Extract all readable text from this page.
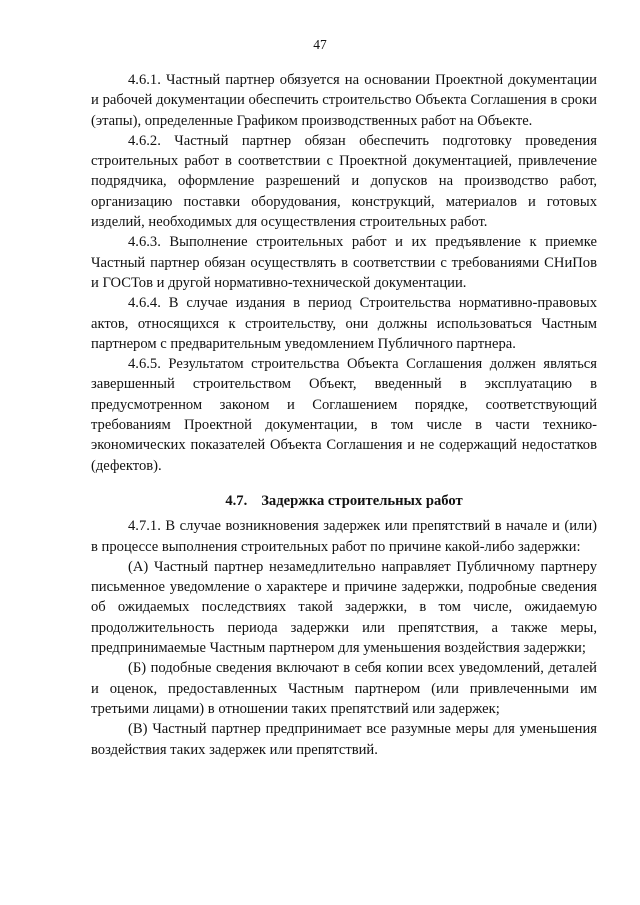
47

4.6.1. Частный партнер обязуется на основании Проектной документации и рабочей документации обеспечить строительство Объекта Соглашения в сроки (этапы), определенные Графиком производственных работ на Объекте.

4.6.2. Частный партнер обязан обеспечить подготовку проведения строительных работ в соответствии с Проектной документацией, привлечение подрядчика, оформление разрешений и допусков на производство работ, организацию поставки оборудования, конструкций, материалов и готовых изделий, необходимых для осуществления строительных работ.

4.6.3. Выполнение строительных работ и их предъявление к приемке Частный партнер обязан осуществлять в соответствии с требованиями СНиПов и ГОСТов и другой нормативно-технической документации.

4.6.4. В случае издания в период Строительства нормативно-правовых актов, относящихся к строительству, они должны использоваться Частным партнером с предварительным уведомлением Публичного партнера.

4.6.5. Результатом строительства Объекта Соглашения должен являться завершенный строительством Объект, введенный в эксплуатацию в предусмотренном законом и Соглашением порядке, соответствующий требованиям Проектной документации, в том числе в части технико-экономических показателей Объекта Соглашения и не содержащий недостатков (дефектов).

4.7. Задержка строительных работ

4.7.1. В случае возникновения задержек или препятствий в начале и (или) в процессе выполнения строительных работ по причине какой-либо задержки:

(А) Частный партнер незамедлительно направляет Публичному партнеру письменное уведомление о характере и причине задержки, подробные сведения об ожидаемых последствиях такой задержки, в том числе, ожидаемую продолжительность периода задержки или препятствия, а также меры, предпринимаемые Частным партнером для уменьшения воздействия задержки;

(Б) подобные сведения включают в себя копии всех уведомлений, деталей и оценок, предоставленных Частным партнером (или привлеченными им третьими лицами) в отношении таких препятствий или задержек;

(В) Частный партнер предпринимает все разумные меры для уменьшения воздействия таких задержек или препятствий.
